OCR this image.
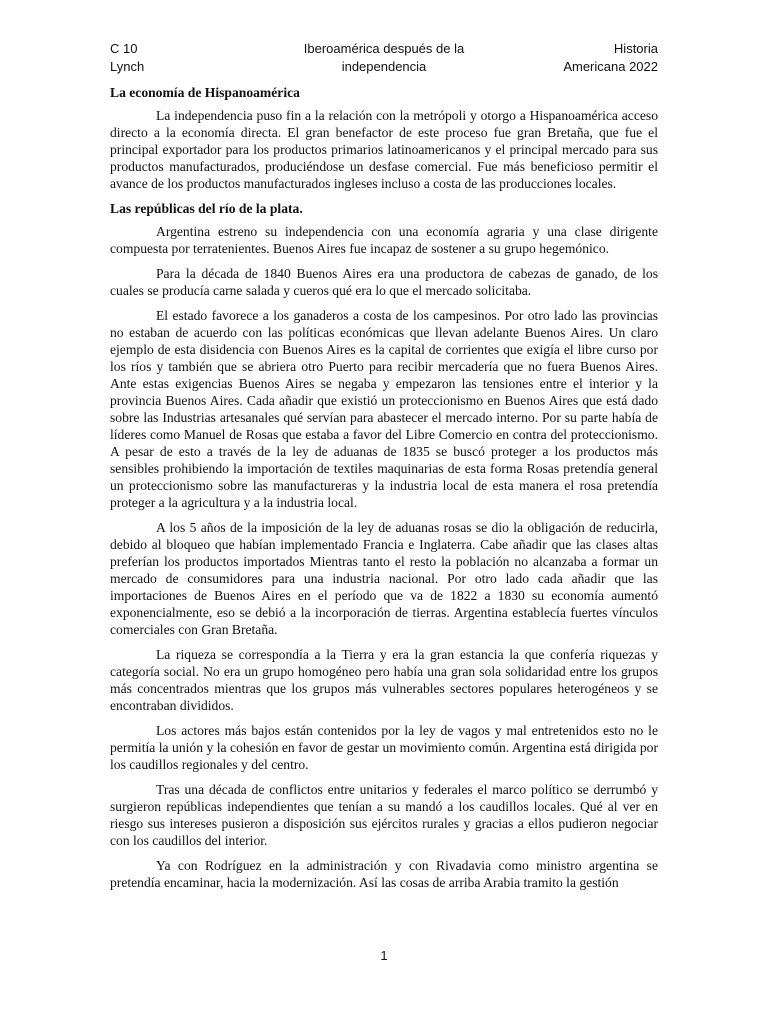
C 10
Lynch
Iberoamérica después de la
independencia
Historia
Americana 2022
La economía de Hispanoamérica

La independencia puso fin a la relación con la metrópoli y otorgo a Hispanoamérica acceso directo a la economía directa. El gran benefactor de este proceso fue gran Bretaña, que fue el principal exportador para los productos primarios latinoamericanos y el principal mercado para sus productos manufacturados, produciéndose un desfase comercial. Fue más beneficioso permitir el avance de los productos manufacturados ingleses incluso a costa de las producciones locales.

Las repúblicas del río de la plata.

Argentina estreno su independencia con una economía agraria y una clase dirigente compuesta por terratenientes. Buenos Aires fue incapaz de sostener a su grupo hegemónico.

Para la década de 1840 Buenos Aires era una productora de cabezas de ganado, de los cuales se producía carne salada y cueros qué era lo que el mercado solicitaba.

El estado favorece a los ganaderos a costa de los campesinos. Por otro lado las provincias no estaban de acuerdo con las políticas económicas que llevan adelante Buenos Aires. Un claro ejemplo de esta disidencia con Buenos Aires es la capital de corrientes que exigía el libre curso por los ríos y también que se abriera otro Puerto para recibir mercadería que no fuera Buenos Aires. Ante estas exigencias Buenos Aires se negaba y empezaron las tensiones entre el interior y la provincia Buenos Aires. Cada añadir que existió un proteccionismo en Buenos Aires que está dado sobre las Industrias artesanales qué servían para abastecer el mercado interno. Por su parte había de líderes como Manuel de Rosas que estaba a favor del Libre Comercio en contra del proteccionismo. A pesar de esto a través de la ley de aduanas de 1835 se buscó proteger a los productos más sensibles prohibiendo la importación de textiles maquinarias de esta forma Rosas pretendía general un proteccionismo sobre las manufactureras y la industria local de esta manera el rosa pretendía proteger a la agricultura y a la industria local.

A los 5 años de la imposición de la ley de aduanas rosas se dio la obligación de reducirla, debido al bloqueo que habían implementado Francia e Inglaterra. Cabe añadir que las clases altas preferían los productos importados Mientras tanto el resto la población no alcanzaba a formar un mercado de consumidores para una industria nacional. Por otro lado cada añadir que las importaciones de Buenos Aires en el período que va de 1822 a 1830 su economía aumentó exponencialmente, eso se debió a la incorporación de tierras. Argentina establecía fuertes vínculos comerciales con Gran Bretaña.

La riqueza se correspondía a la Tierra y era la gran estancia la que confería riquezas y categoría social. No era un grupo homogéneo pero había una gran sola solidaridad entre los grupos más concentrados mientras que los grupos más vulnerables sectores populares heterogéneos y se encontraban divididos.

Los actores más bajos están contenidos por la ley de vagos y mal entretenidos esto no le permitía la unión y la cohesión en favor de gestar un movimiento común. Argentina está dirigida por los caudillos regionales y del centro.

Tras una década de conflictos entre unitarios y federales el marco político se derrumbó y surgieron repúblicas independientes que tenían a su mandó a los caudillos locales. Qué al ver en riesgo sus intereses pusieron a disposición sus ejércitos rurales y gracias a ellos pudieron negociar con los caudillos del interior.

Ya con Rodríguez en la administración y con Rivadavia como ministro argentina se pretendía encaminar, hacia la modernización. Así las cosas de arriba Arabia tramito la gestión

1
